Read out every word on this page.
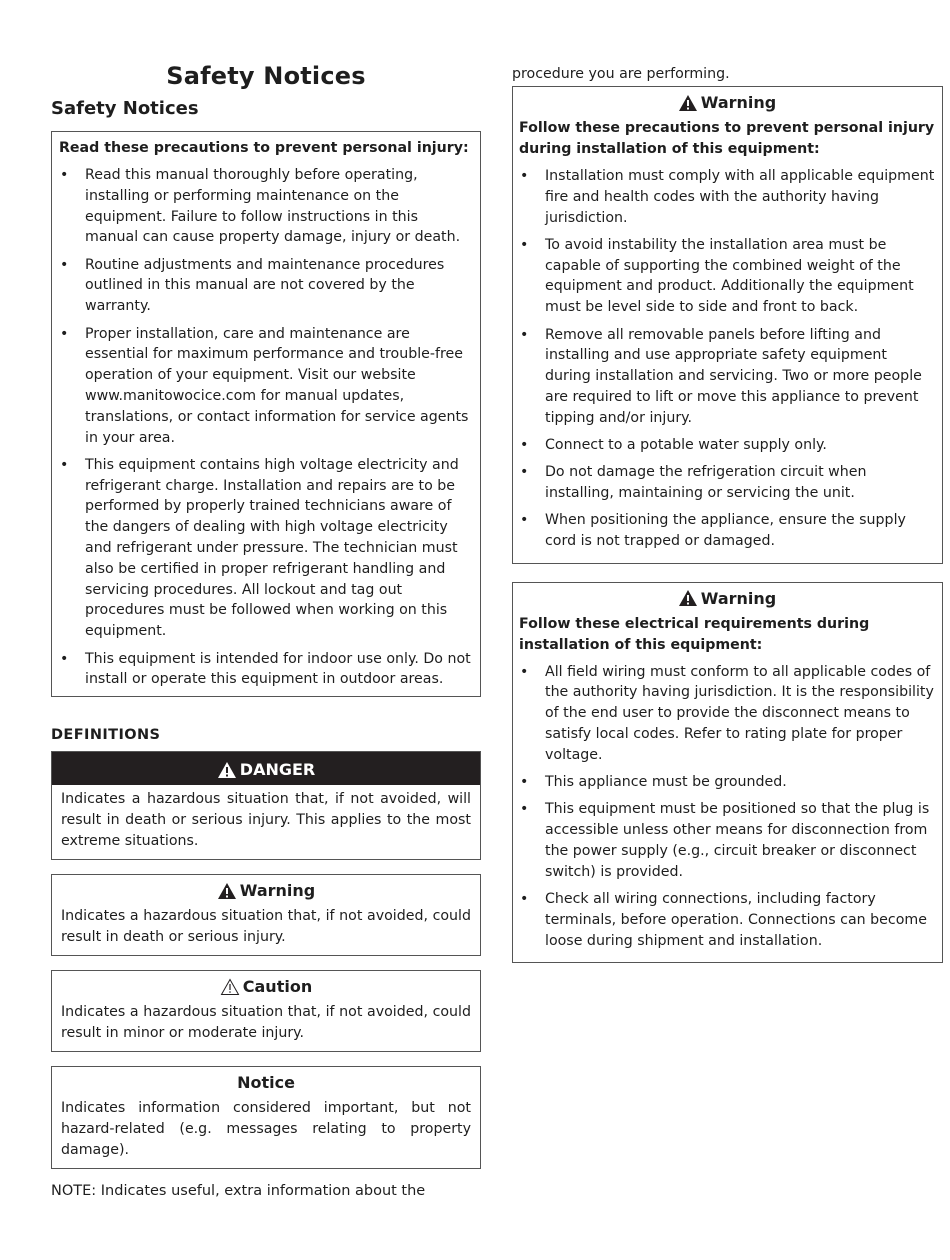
Safety Notices
Safety Notices

Read these precautions to prevent personal injury:

• Read this manual thoroughly before operating, installing or performing maintenance on the equipment. Failure to follow instructions in this manual can cause property damage, injury or death.
• Routine adjustments and maintenance procedures outlined in this manual are not covered by the warranty.
• Proper installation, care and maintenance are essential for maximum performance and trouble-free operation of your equipment. Visit our website www.manitowocice.com for manual updates, translations, or contact information for service agents in your area.
• This equipment contains high voltage electricity and refrigerant charge. Installation and repairs are to be performed by properly trained technicians aware of the dangers of dealing with high voltage electricity and refrigerant under pressure. The technician must also be certified in proper refrigerant handling and servicing procedures. All lockout and tag out procedures must be followed when working on this equipment.
• This equipment is intended for indoor use only. Do not install or operate this equipment in outdoor areas.
DEFINITIONS
DANGER
Indicates a hazardous situation that, if not avoided, will result in death or serious injury. This applies to the most extreme situations.
Warning
Indicates a hazardous situation that, if not avoided, could result in death or serious injury.
Caution
Indicates a hazardous situation that, if not avoided, could result in minor or moderate injury.
Notice
Indicates information considered important, but not hazard-related (e.g. messages relating to property damage).
NOTE: Indicates useful, extra information about the

procedure you are performing.

Warning

Follow these precautions to prevent personal injury during installation of this equipment:

• Installation must comply with all applicable equipment fire and health codes with the authority having jurisdiction.
• To avoid instability the installation area must be capable of supporting the combined weight of the equipment and product. Additionally the equipment must be level side to side and front to back.
• Remove all removable panels before lifting and installing and use appropriate safety equipment during installation and servicing. Two or more people are required to lift or move this appliance to prevent tipping and/or injury.
• Connect to a potable water supply only.
• Do not damage the refrigeration circuit when installing, maintaining or servicing the unit.
• When positioning the appliance, ensure the supply cord is not trapped or damaged.
Warning

Follow these electrical requirements during installation of this equipment:

• All field wiring must conform to all applicable codes of the authority having jurisdiction. It is the responsibility of the end user to provide the disconnect means to satisfy local codes. Refer to rating plate for proper voltage.
• This appliance must be grounded.
• This equipment must be positioned so that the plug is accessible unless other means for disconnection from the power supply (e.g., circuit breaker or disconnect switch) is provided.
• Check all wiring connections, including factory terminals, before operation. Connections can become loose during shipment and installation.
